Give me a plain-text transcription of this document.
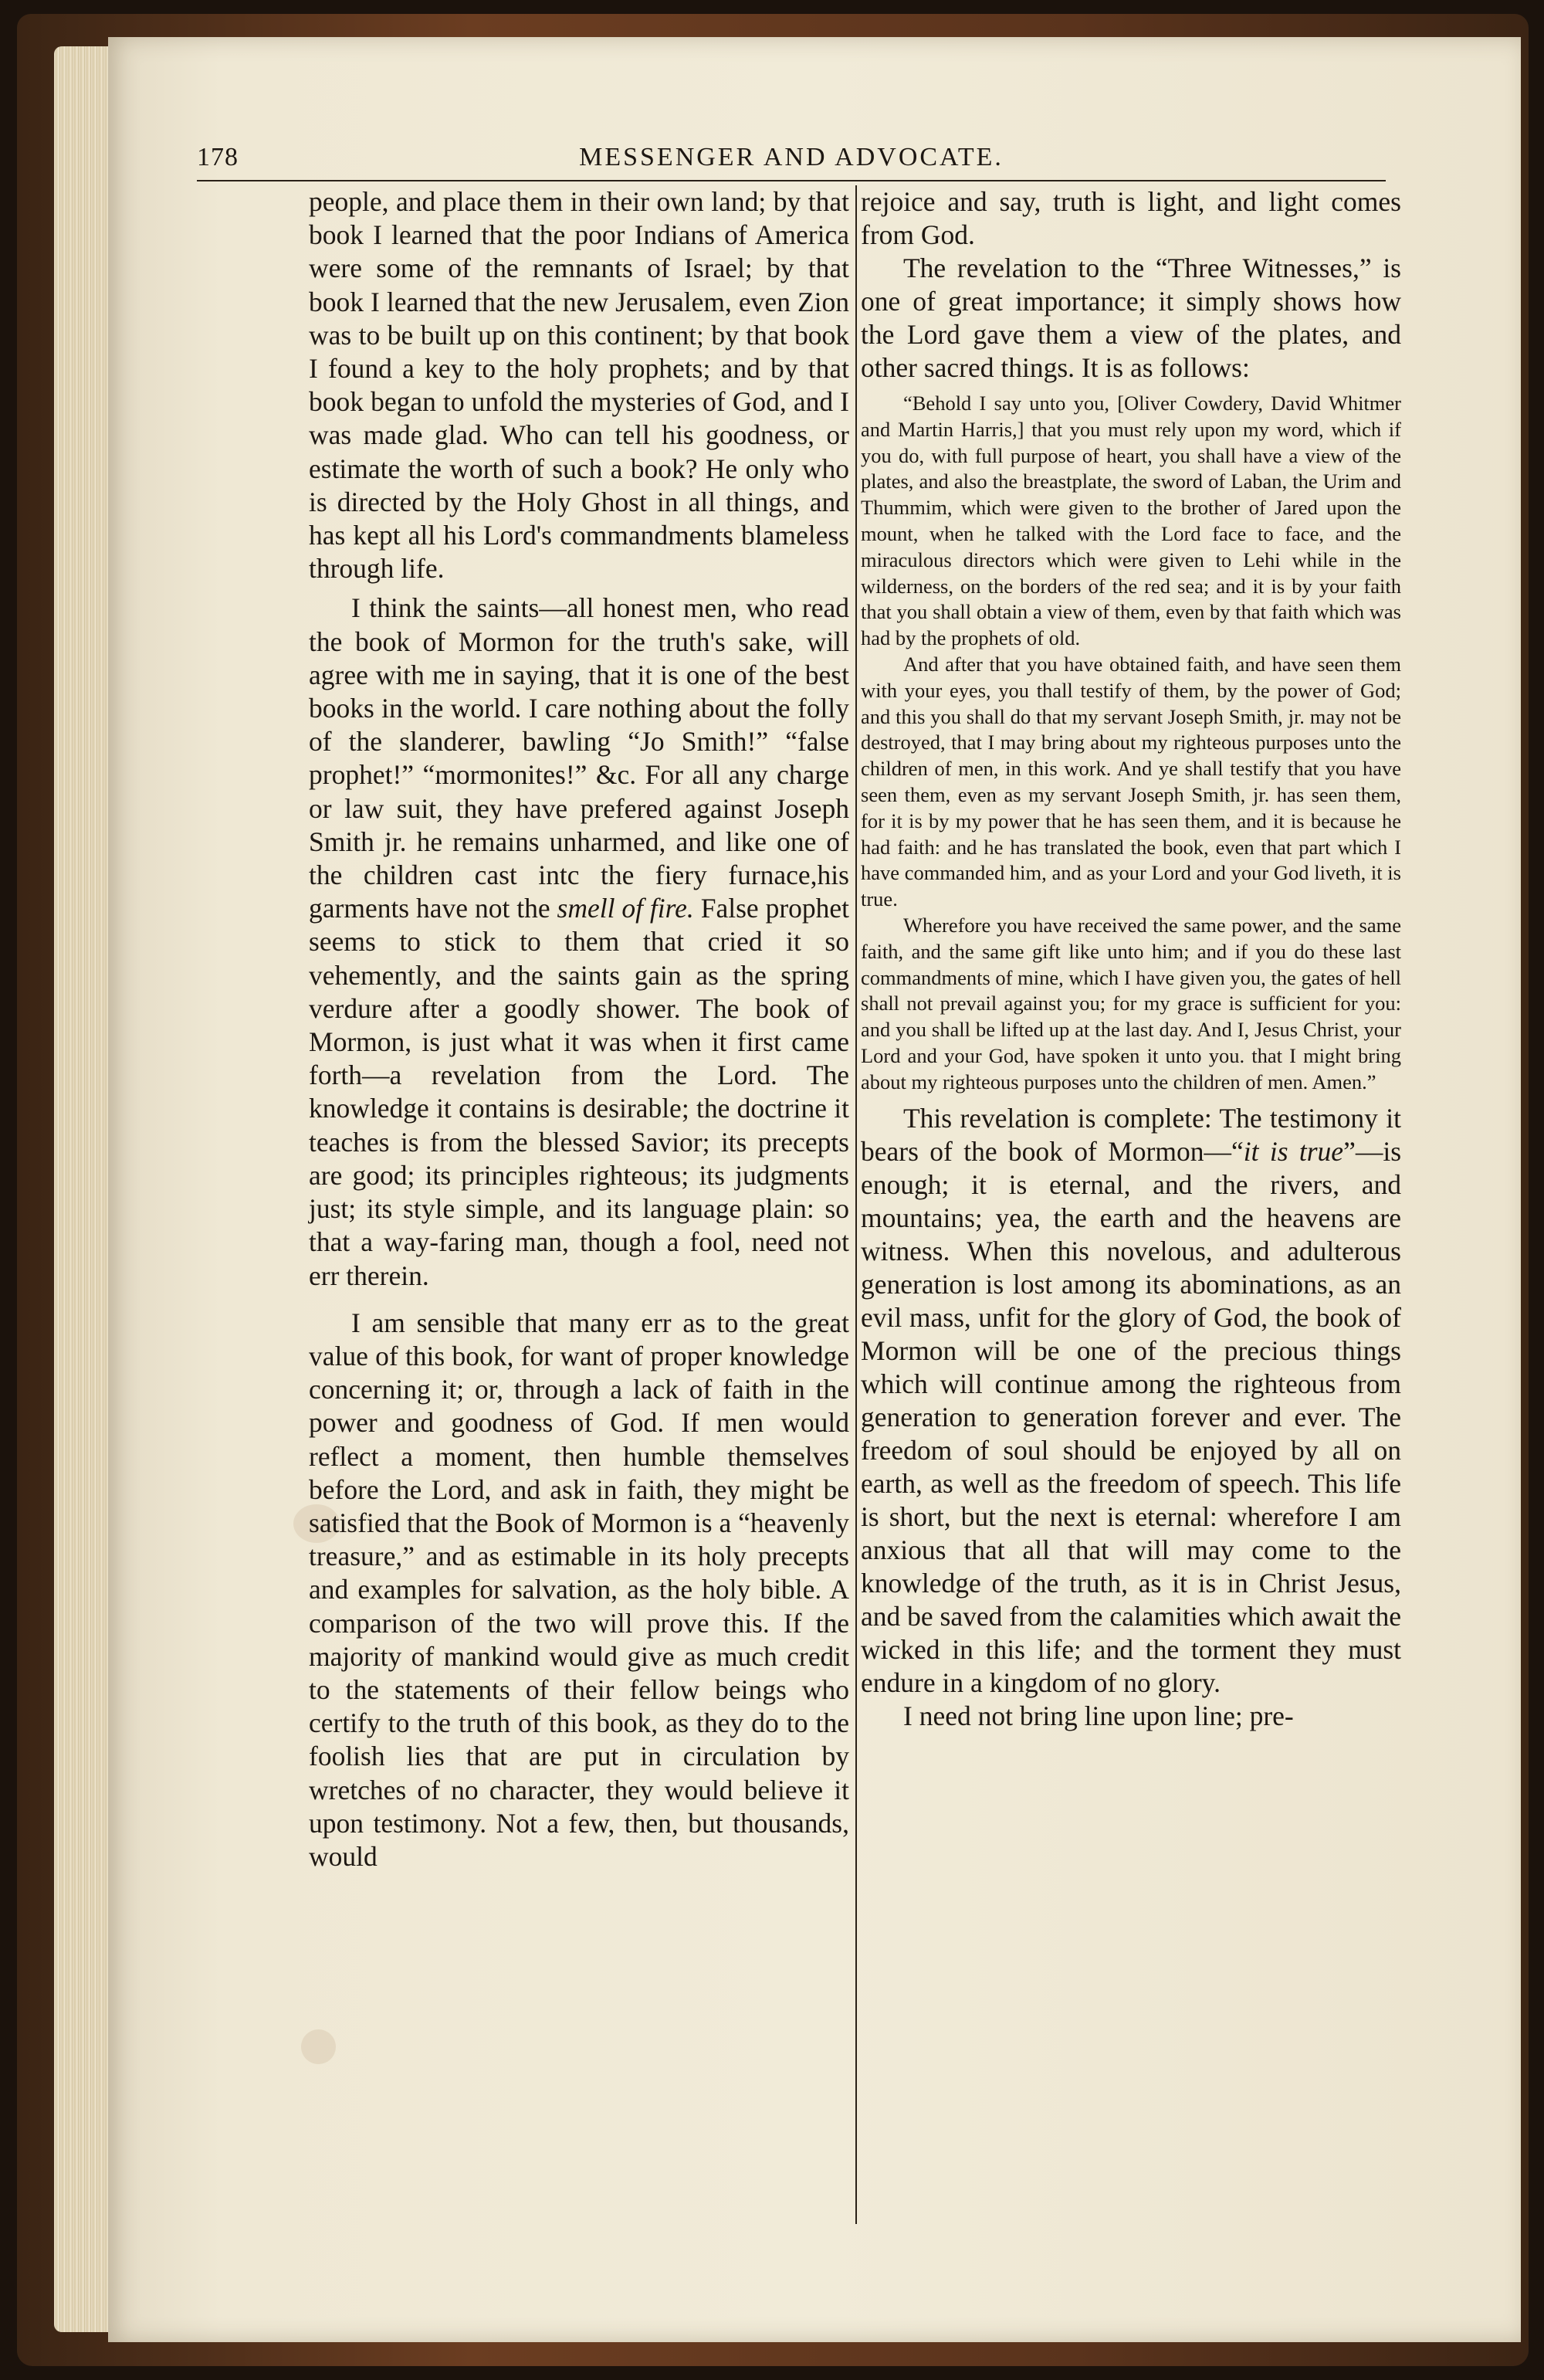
178	MESSENGER AND ADVOCATE.

people, and place them in their own land; by that book I learned that the poor Indians of America were some of the remnants of Israel; by that book I learned that the new Jerusalem, even Zion was to be built up on this continent; by that book I found a key to the holy prophets; and by that book began to unfold the mysteries of God, and I was made glad. Who can tell his goodness, or estimate the worth of such a book? He only who is directed by the Holy Ghost in all things, and has kept all his Lord's commandments blameless through life.

I think the saints—all honest men, who read the book of Mormon for the truth's sake, will agree with me in saying, that it is one of the best books in the world. I care nothing about the folly of the slanderer, bawling “Jo Smith!” “false prophet!” “mormonites!” &c. For all any charge or law suit, they have prefered against Joseph Smith jr. he remains unharmed, and like one of the children cast intc the fiery furnace,his garments have not the smell of fire. False prophet seems to stick to them that cried it so vehemently, and the saints gain as the spring verdure after a goodly shower. The book of Mormon, is just what it was when it first came forth—a revelation from the Lord. The knowledge it contains is desirable; the doctrine it teaches is from the blessed Savior; its precepts are good; its principles righteous; its judgments just; its style simple, and its language plain: so that a way-faring man, though a fool, need not err therein.

I am sensible that many err as to the great value of this book, for want of proper knowledge concerning it; or, through a lack of faith in the power and goodness of God. If men would reflect a moment, then humble themselves before the Lord, and ask in faith, they might be satisfied that the Book of Mormon is a “heavenly treasure,” and as estimable in its holy precepts and examples for salvation, as the holy bible. A comparison of the two will prove this. If the majority of mankind would give as much credit to the statements of their fellow beings who certify to the truth of this book, as they do to the foolish lies that are put in circulation by wretches of no character, they would believe it upon testimony. Not a few, then, but thousands, would

rejoice and say, truth is light, and light comes from God.

The revelation to the “Three Witnesses,” is one of great importance; it simply shows how the Lord gave them a view of the plates, and other sacred things. It is as follows:

“Behold I say unto you, [Oliver Cowdery, David Whitmer and Martin Harris,] that you must rely upon my word, which if you do, with full purpose of heart, you shall have a view of the plates, and also the breastplate, the sword of Laban, the Urim and Thummim, which were given to the brother of Jared upon the mount, when he talked with the Lord face to face, and the miraculous directors which were given to Lehi while in the wilderness, on the borders of the red sea; and it is by your faith that you shall obtain a view of them, even by that faith which was had by the prophets of old.

And after that you have obtained faith, and have seen them with your eyes, you thall testify of them, by the power of God; and this you shall do that my servant Joseph Smith, jr. may not be destroyed, that I may bring about my righteous purposes unto the children of men, in this work. And ye shall testify that you have seen them, even as my servant Joseph Smith, jr. has seen them, for it is by my power that he has seen them, and it is because he had faith: and he has translated the book, even that part which I have commanded him, and as your Lord and your God liveth, it is true.

Wherefore you have received the same power, and the same faith, and the same gift like unto him; and if you do these last commandments of mine, which I have given you, the gates of hell shall not prevail against you; for my grace is sufficient for you: and you shall be lifted up at the last day. And I, Jesus Christ, your Lord and your God, have spoken it unto you. that I might bring about my righteous purposes unto the children of men. Amen.”

This revelation is complete: The testimony it bears of the book of Mormon—“it is true”—is enough; it is eternal, and the rivers, and mountains; yea, the earth and the heavens are witness. When this novelous, and adulterous generation is lost among its abominations, as an evil mass, unfit for the glory of God, the book of Mormon will be one of the precious things which will continue among the righteous from generation to generation forever and ever. The freedom of soul should be enjoyed by all on earth, as well as the freedom of speech. This life is short, but the next is eternal: wherefore I am anxious that all that will may come to the knowledge of the truth, as it is in Christ Jesus, and be saved from the calamities which await the wicked in this life; and the torment they must endure in a kingdom of no glory.

I need not bring line upon line; pre-
